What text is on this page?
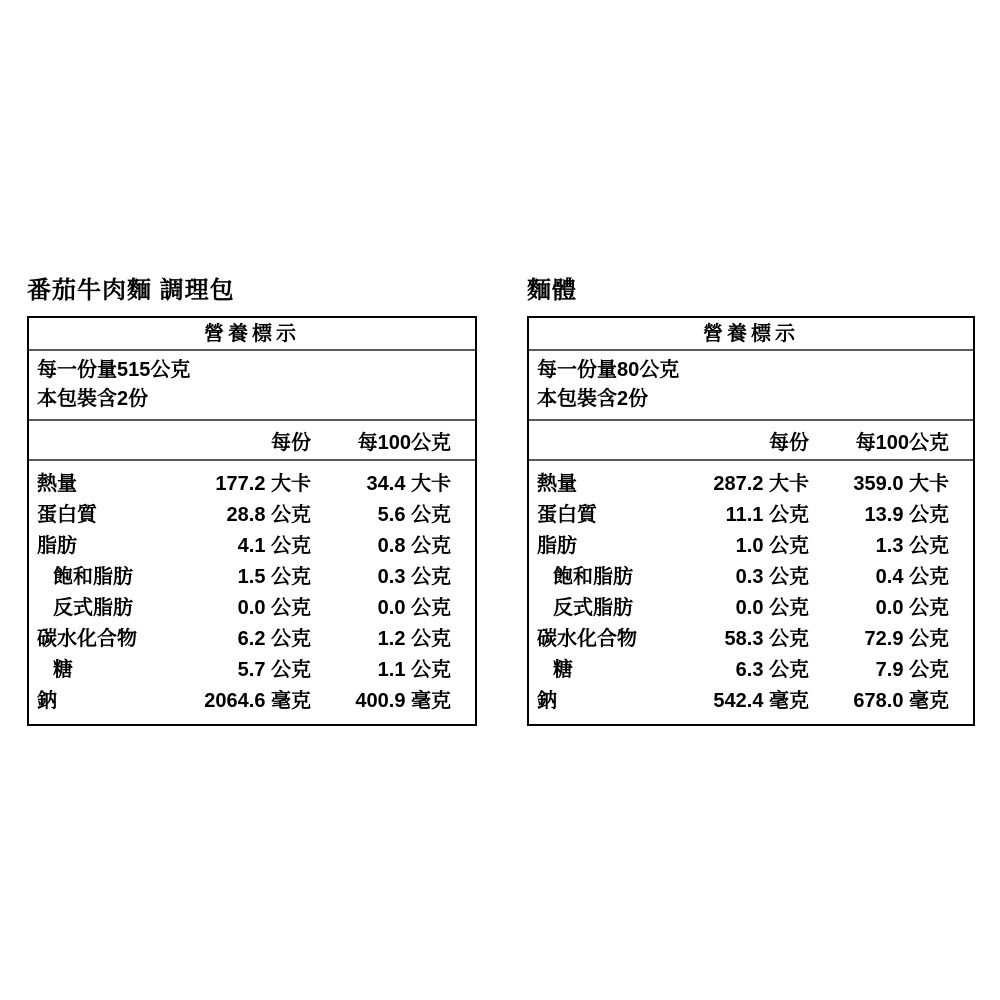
番茄牛肉麵 調理包
營養標示
每一份量515公克
本包裝含2份
每份	每100公克
熱量	177.2 大卡	34.4 大卡
蛋白質	28.8 公克	5.6 公克
脂肪	4.1 公克	0.8 公克
飽和脂肪	1.5 公克	0.3 公克
反式脂肪	0.0 公克	0.0 公克
碳水化合物	6.2 公克	1.2 公克
糖	5.7 公克	1.1 公克
鈉	2064.6 毫克	400.9 毫克
麵體
營養標示
每一份量80公克
本包裝含2份
每份	每100公克
熱量	287.2 大卡	359.0 大卡
蛋白質	11.1 公克	13.9 公克
脂肪	1.0 公克	1.3 公克
飽和脂肪	0.3 公克	0.4 公克
反式脂肪	0.0 公克	0.0 公克
碳水化合物	58.3 公克	72.9 公克
糖	6.3 公克	7.9 公克
鈉	542.4 毫克	678.0 毫克
